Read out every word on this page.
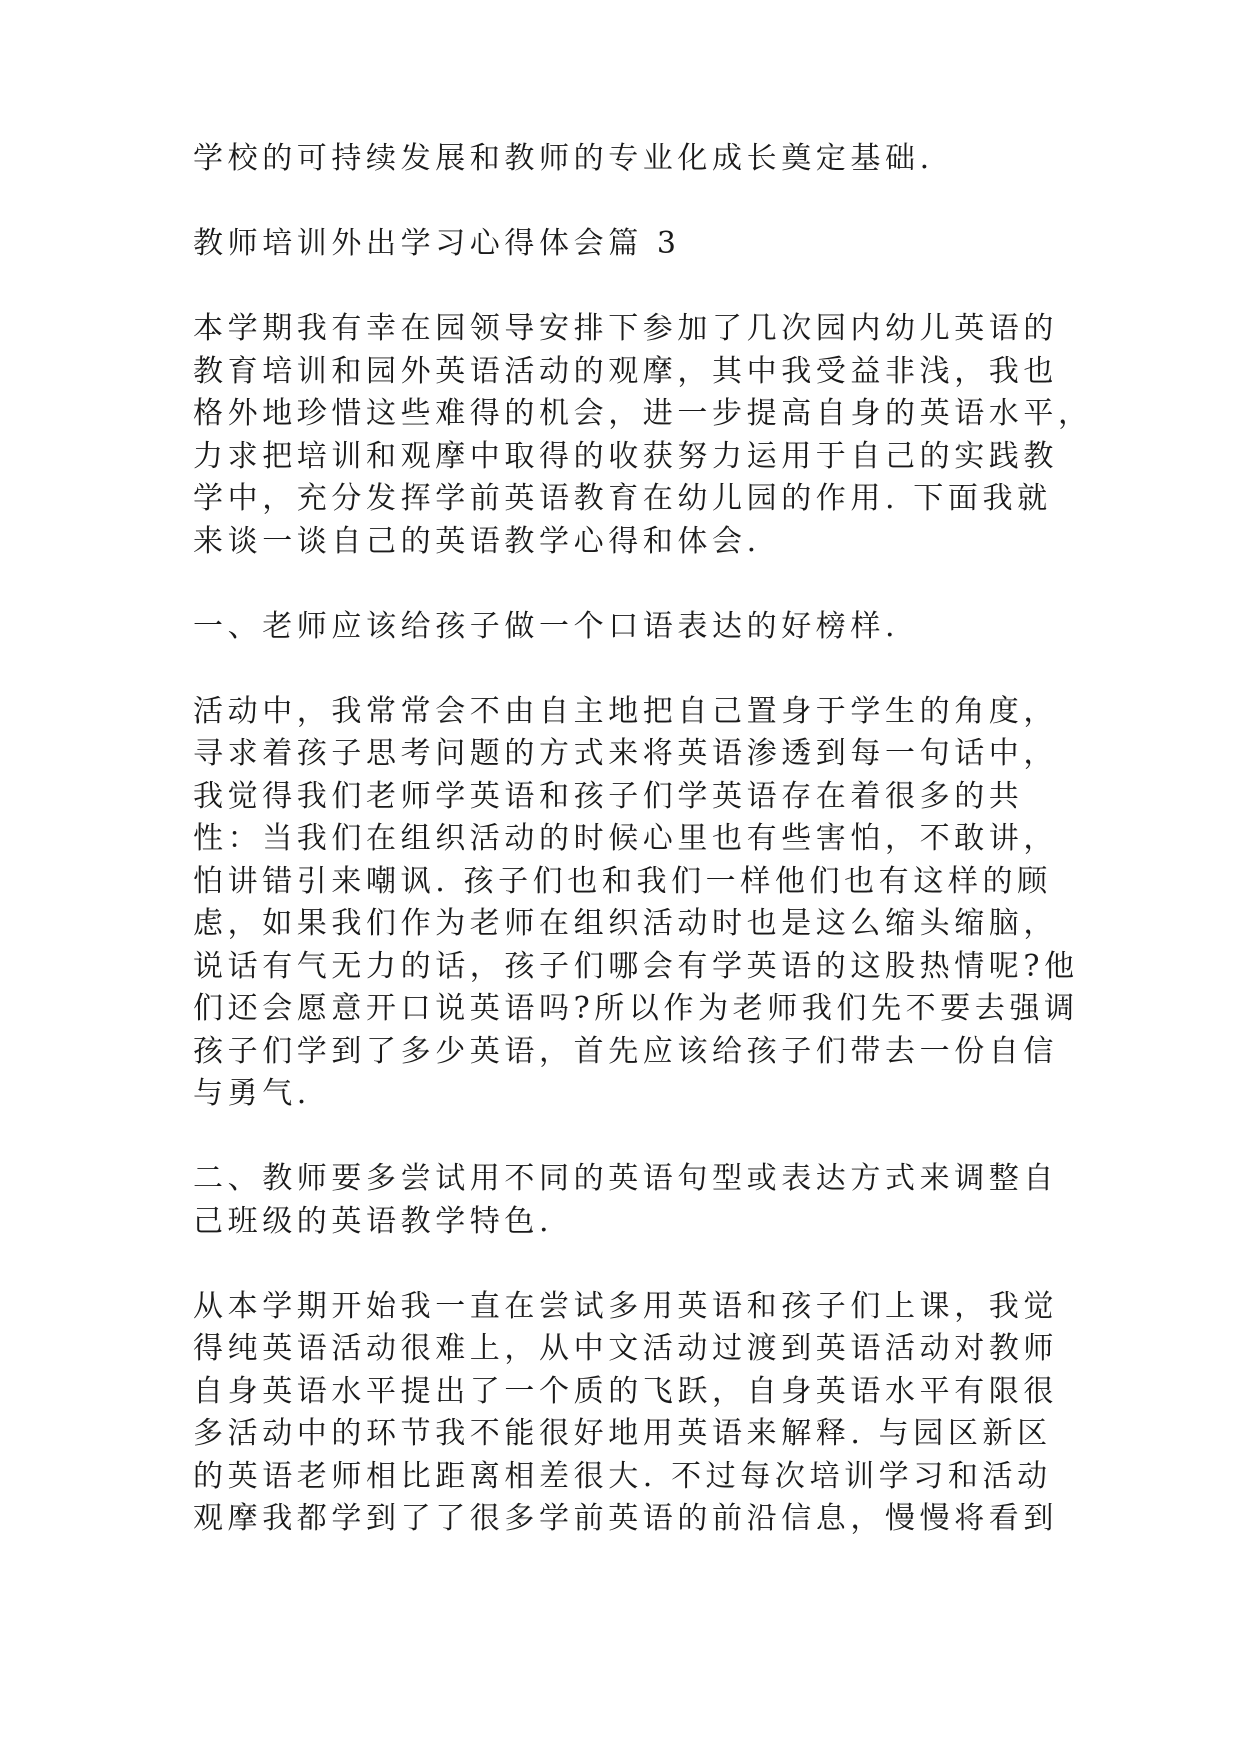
学校的可持续发展和教师的专业化成长奠定基础.
教师培训外出学习心得体会篇 3
本学期我有幸在园领导安排下参加了几次园内幼儿英语的
教育培训和园外英语活动的观摩，其中我受益非浅，我也
格外地珍惜这些难得的机会，进一步提高自身的英语水平，
力求把培训和观摩中取得的收获努力运用于自己的实践教
学中，充分发挥学前英语教育在幼儿园的作用. 下面我就
来谈一谈自己的英语教学心得和体会.
一、老师应该给孩子做一个口语表达的好榜样.
活动中，我常常会不由自主地把自己置身于学生的角度，
寻求着孩子思考问题的方式来将英语渗透到每一句话中，
我觉得我们老师学英语和孩子们学英语存在着很多的共
性：当我们在组织活动的时候心里也有些害怕，不敢讲，
怕讲错引来嘲讽. 孩子们也和我们一样他们也有这样的顾
虑，如果我们作为老师在组织活动时也是这么缩头缩脑，
说话有气无力的话，孩子们哪会有学英语的这股热情呢?他
们还会愿意开口说英语吗?所以作为老师我们先不要去强调
孩子们学到了多少英语，首先应该给孩子们带去一份自信
与勇气.
二、教师要多尝试用不同的英语句型或表达方式来调整自
己班级的英语教学特色.
从本学期开始我一直在尝试多用英语和孩子们上课，我觉
得纯英语活动很难上，从中文活动过渡到英语活动对教师
自身英语水平提出了一个质的飞跃，自身英语水平有限很
多活动中的环节我不能很好地用英语来解释. 与园区新区
的英语老师相比距离相差很大. 不过每次培训学习和活动
观摩我都学到了了很多学前英语的前沿信息，慢慢将看到
